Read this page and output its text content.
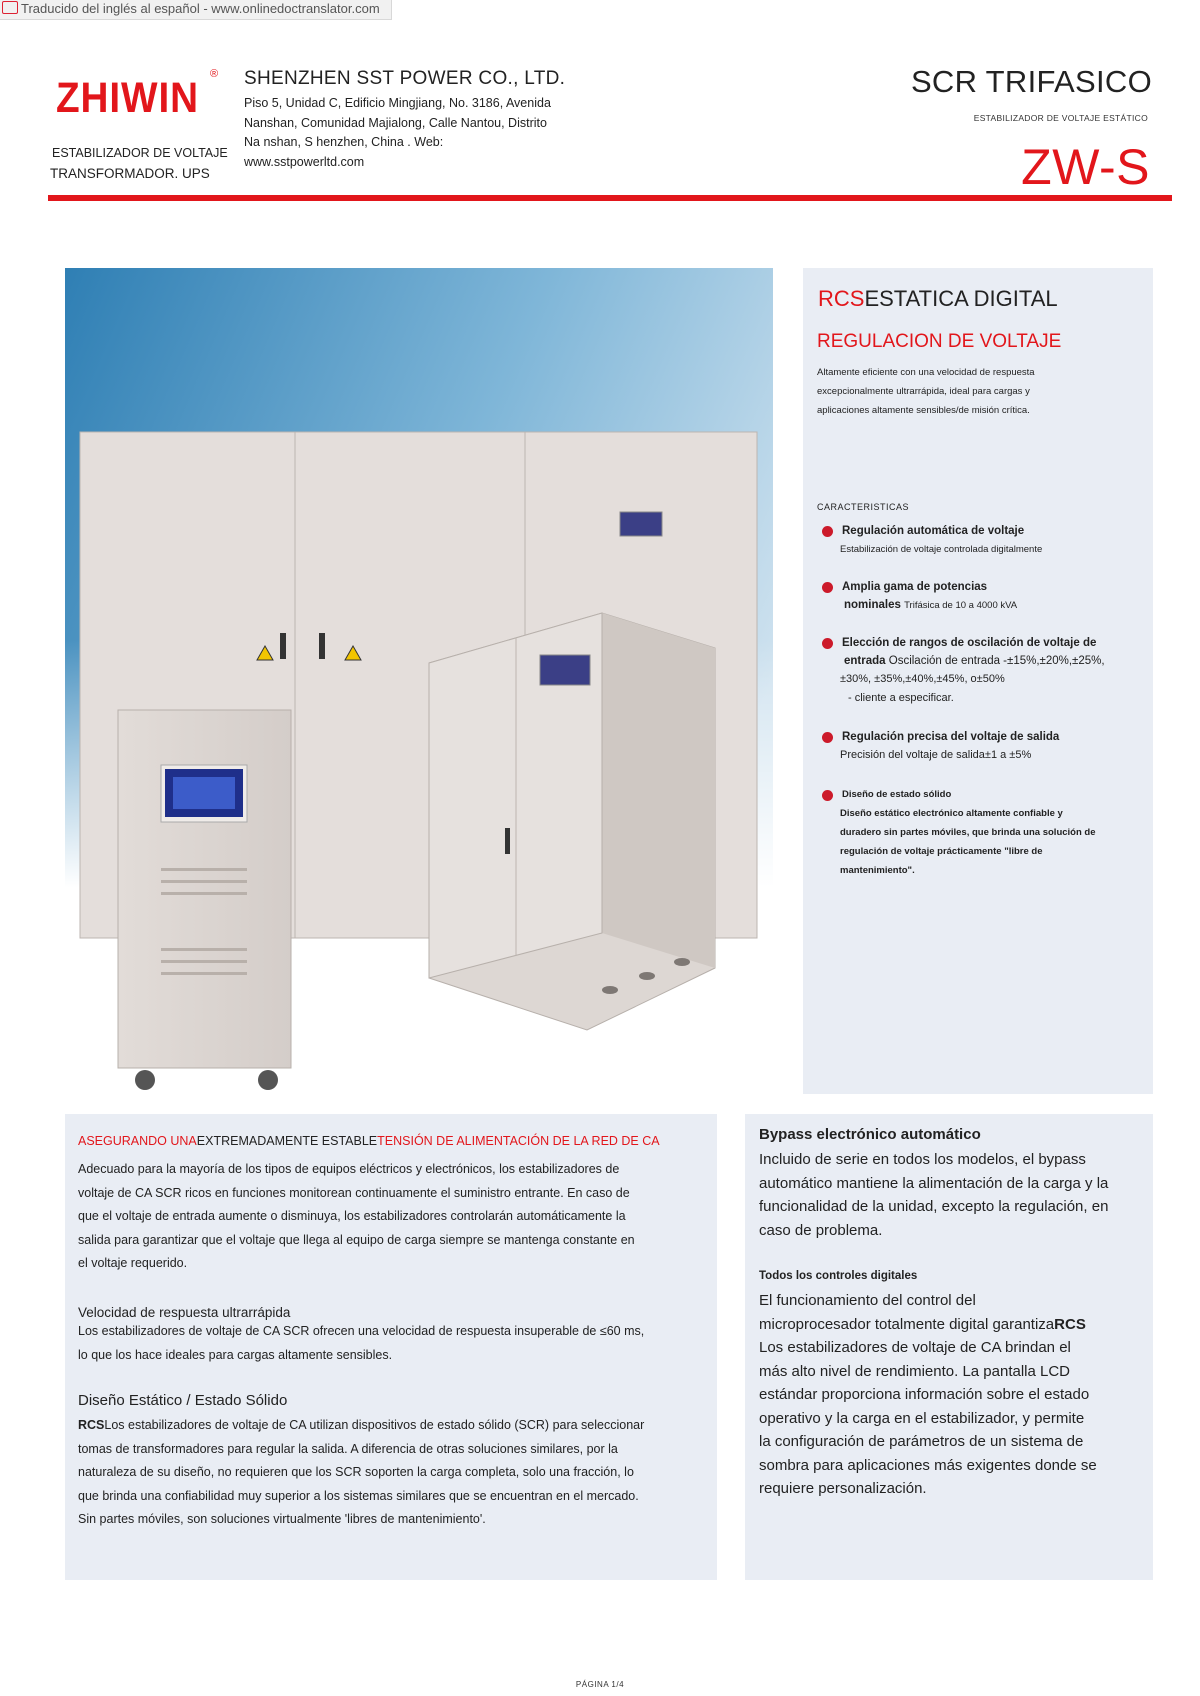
Traducido del inglés al español - www.onlinedoctranslator.com
ZHIWIN ®
ESTABILIZADOR DE VOLTAJE
TRANSFORMADOR. UPS
SHENZHEN SST POWER CO., LTD.
Piso 5, Unidad C, Edificio Mingjiang, No. 3186, Avenida
Nanshan, Comunidad Majialong, Calle Nantou, Distrito
Na nshan, S henzhen, China . Web:
www.sstpowerltd.com
SCR TRIFASICO
ESTABILIZADOR DE VOLTAJE ESTÁTICO
ZW-S
RCSESTATICA DIGITAL
REGULACION DE VOLTAJE
Altamente eficiente con una velocidad de respuesta
excepcionalmente ultrarrápida, ideal para cargas y
aplicaciones altamente sensibles/de misión crítica.
CARACTERISTICAS
Regulación automática de voltaje
Estabilización de voltaje controlada digitalmente
Amplia gama de potencias
nominales Trifásica de 10 a 4000 kVA
Elección de rangos de oscilación de voltaje de
entrada Oscilación de entrada -±15%,±20%,±25%,
±30%, ±35%,±40%,±45%, o±50%
- cliente a especificar.
Regulación precisa del voltaje de salida
Precisión del voltaje de salida±1 a ±5%
Diseño de estado sólido
Diseño estático electrónico altamente confiable y
duradero sin partes móviles, que brinda una solución de
regulación de voltaje prácticamente "libre de
mantenimiento".
ASEGURANDO UNAEXTREMADAMENTE ESTABLETENSIÓN DE ALIMENTACIÓN DE LA RED DE CA
Adecuado para la mayoría de los tipos de equipos eléctricos y electrónicos, los estabilizadores de
voltaje de CA SCR ricos en funciones monitorean continuamente el suministro entrante. En caso de
que el voltaje de entrada aumente o disminuya, los estabilizadores controlarán automáticamente la
salida para garantizar que el voltaje que llega al equipo de carga siempre se mantenga constante en
el voltaje requerido.
Velocidad de respuesta ultrarrápida
Los estabilizadores de voltaje de CA SCR ofrecen una velocidad de respuesta insuperable de ≤60 ms,
lo que los hace ideales para cargas altamente sensibles.
Diseño Estático / Estado Sólido
RCSLos estabilizadores de voltaje de CA utilizan dispositivos de estado sólido (SCR) para seleccionar
tomas de transformadores para regular la salida. A diferencia de otras soluciones similares, por la
naturaleza de su diseño, no requieren que los SCR soporten la carga completa, solo una fracción, lo
que brinda una confiabilidad muy superior a los sistemas similares que se encuentran en el mercado.
Sin partes móviles, son soluciones virtualmente 'libres de mantenimiento'.
Bypass electrónico automático
Incluido de serie en todos los modelos, el bypass
automático mantiene la alimentación de la carga y la
funcionalidad de la unidad, excepto la regulación, en
caso de problema.
Todos los controles digitales
El funcionamiento del control del
microprocesador totalmente digital garantizaRCS
Los estabilizadores de voltaje de CA brindan el
más alto nivel de rendimiento. La pantalla LCD
estándar proporciona información sobre el estado
operativo y la carga en el estabilizador, y permite
la configuración de parámetros de un sistema de
sombra para aplicaciones más exigentes donde se
requiere personalización.
PÁGINA 1/4
